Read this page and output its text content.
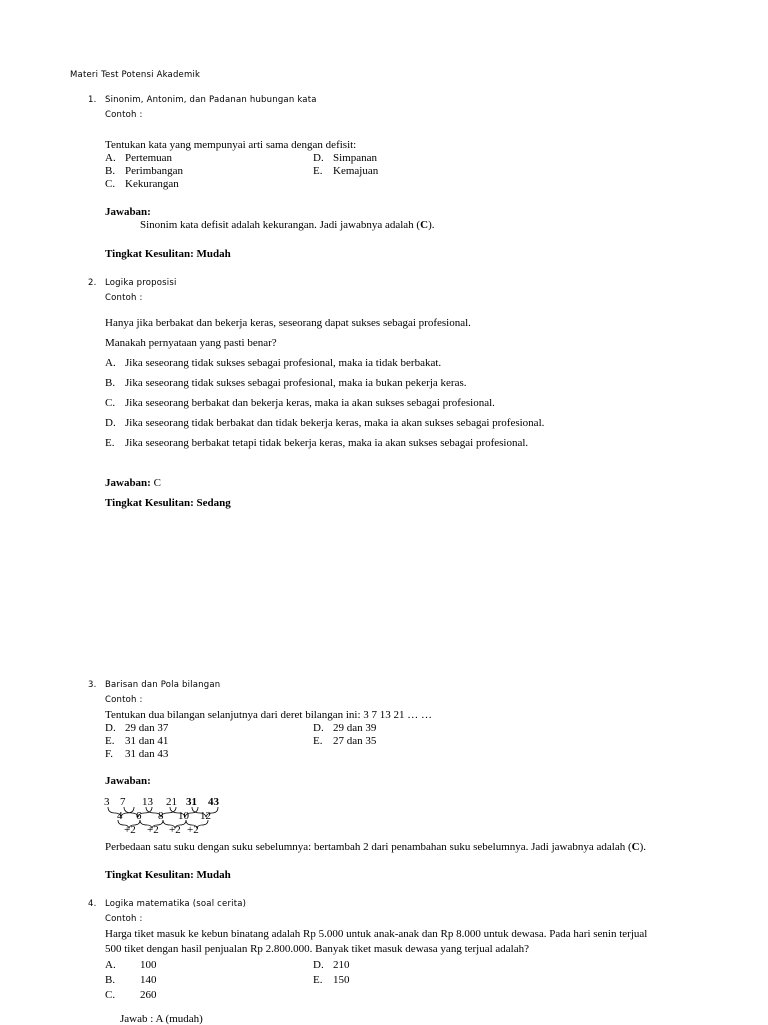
Materi Test Potensi Akademik
1. Sinonim, Antonim, dan Padanan hubungan kata
Contoh :
Tentukan kata yang mempunyai arti sama dengan defisit:
A. Pertemuan
B. Perimbangan
C. Kekurangan
D. Simpanan
E. Kemajuan
Jawaban:
Sinonim kata defisit adalah kekurangan. Jadi jawabnya adalah (C).
Tingkat Kesulitan: Mudah
2. Logika proposisi
Contoh :
Hanya jika berbakat dan bekerja keras, seseorang dapat sukses sebagai profesional.
Manakah pernyataan yang pasti benar?
A. Jika seseorang tidak sukses sebagai profesional, maka ia tidak berbakat.
B. Jika seseorang tidak sukses sebagai profesional, maka ia bukan pekerja keras.
C. Jika seseorang berbakat dan bekerja keras, maka ia akan sukses sebagai profesional.
D. Jika seseorang tidak berbakat dan tidak bekerja keras, maka ia akan sukses sebagai profesional.
E. Jika seseorang berbakat tetapi tidak bekerja keras, maka ia akan sukses sebagai profesional.
Jawaban: C
Tingkat Kesulitan: Sedang
3. Barisan dan Pola bilangan
Contoh :
Tentukan dua bilangan selanjutnya dari deret bilangan ini: 3 7 13 21 … …
D. 29 dan 37
E. 31 dan 41
F. 31 dan 43
D. 29 dan 39
E. 27 dan 35
Jawaban:
3 7 13 21 31 43
4 6 8 10 12
+2 +2 +2 +2
Perbedaan satu suku dengan suku sebelumnya: bertambah 2 dari penambahan suku sebelumnya. Jadi jawabnya adalah (C).
Tingkat Kesulitan: Mudah
4. Logika matematika (soal cerita)
Contoh :
Harga tiket masuk ke kebun binatang adalah Rp 5.000 untuk anak-anak dan Rp 8.000 untuk dewasa. Pada hari senin terjual
500 tiket dengan hasil penjualan Rp 2.800.000. Banyak tiket masuk dewasa yang terjual adalah?
A. 100
B. 140
C. 260
D. 210
E. 150
Jawab : A (mudah)
